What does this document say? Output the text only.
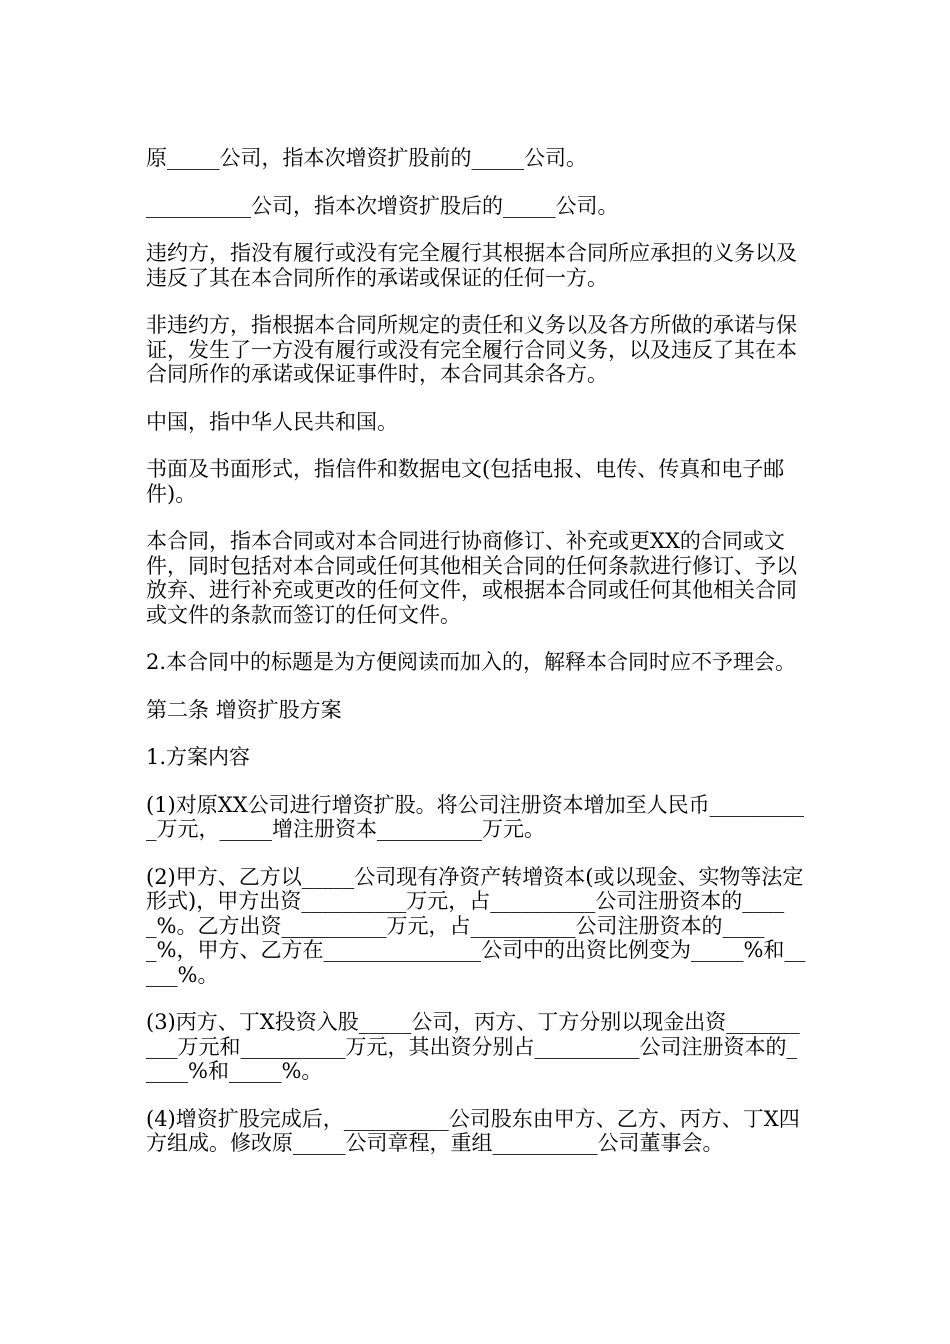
原_____公司，指本次增资扩股前的_____公司。

__________公司，指本次增资扩股后的_____公司。

违约方，指没有履行或没有完全履行其根据本合同所应承担的义务以及违反了其在本合同所作的承诺或保证的任何一方。

非违约方，指根据本合同所规定的责任和义务以及各方所做的承诺与保证，发生了一方没有履行或没有完全履行合同义务，以及违反了其在本合同所作的承诺或保证事件时，本合同其余各方。

中国，指中华人民共和国。

书面及书面形式，指信件和数据电文(包括电报、电传、传真和电子邮件)。

本合同，指本合同或对本合同进行协商修订、补充或更XX的合同或文件，同时包括对本合同或任何其他相关合同的任何条款进行修订、予以放弃、进行补充或更改的任何文件，或根据本合同或任何其他相关合同或文件的条款而签订的任何文件。

2.本合同中的标题是为方便阅读而加入的，解释本合同时应不予理会。

第二条 增资扩股方案

1.方案内容

(1)对原XX公司进行增资扩股。将公司注册资本增加至人民币__________万元，_____增注册资本__________万元。

(2)甲方、乙方以_____公司现有净资产转增资本(或以现金、实物等法定形式)，甲方出资__________万元，占__________公司注册资本的_____%。乙方出资__________万元，占__________公司注册资本的_____%，甲方、乙方在_______________公司中的出资比例变为_____%和_____%。

(3)丙方、丁X投资入股_____公司，丙方、丁方分别以现金出资__________万元和__________万元，其出资分别占__________公司注册资本的_____%和_____%。

(4)增资扩股完成后，__________公司股东由甲方、乙方、丙方、丁X四方组成。修改原_____公司章程，重组__________公司董事会。
